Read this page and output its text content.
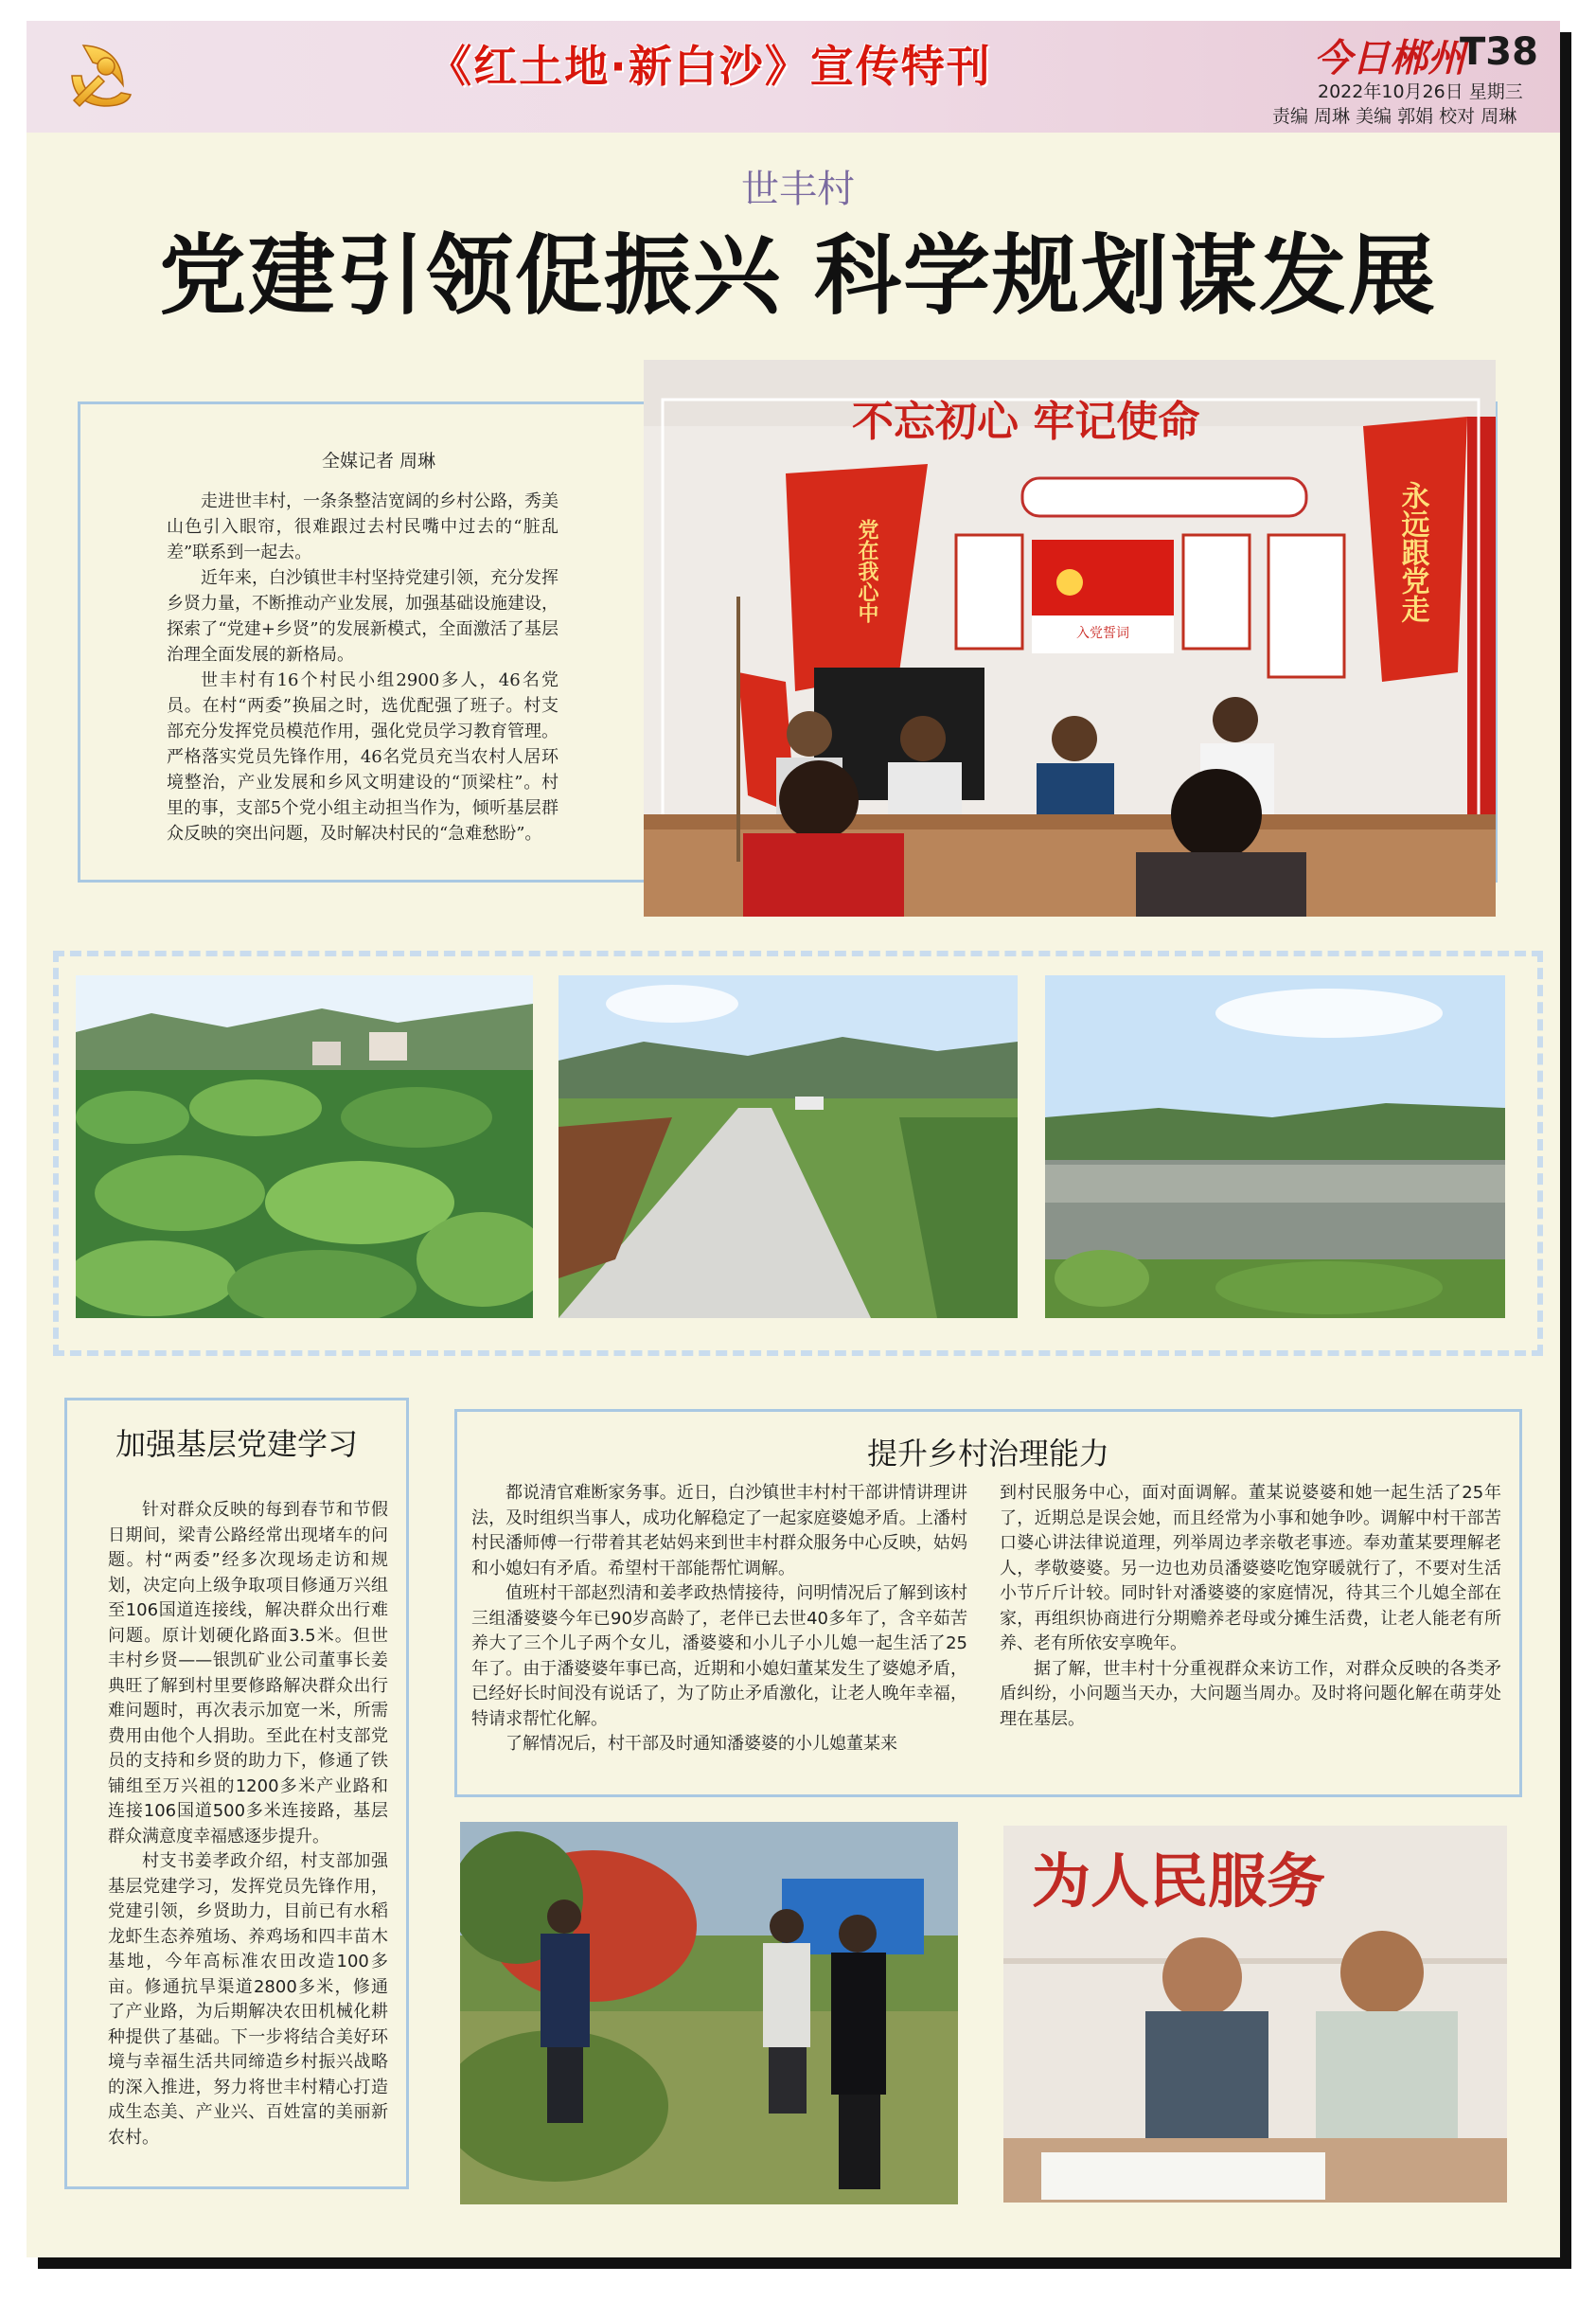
《红土地·新白沙》宣传特刊	今日郴州
T38
2022年10月26日 星期三
责编 周琳 美编 郭娟 校对 周琳
世丰村
党建引领促振兴 科学规划谋发展
全媒记者 周琳

走进世丰村，一条条整洁宽阔的乡村公路，秀美山色引入眼帘，很难跟过去村民嘴中过去的“脏乱差”联系到一起去。

近年来，白沙镇世丰村坚持党建引领，充分发挥乡贤力量，不断推动产业发展，加强基础设施建设，探索了“党建+乡贤”的发展新模式，全面激活了基层治理全面发展的新格局。

世丰村有16个村民小组2900多人，46名党员。在村“两委”换届之时，选优配强了班子。村支部充分发挥党员模范作用，强化党员学习教育管理。严格落实党员先锋作用，46名党员充当农村人居环境整治，产业发展和乡风文明建设的“顶梁柱”。村里的事，支部5个党小组主动担当作为，倾听基层群众反映的突出问题，及时解决村民的“急难愁盼”。

不忘初心 牢记使命
永远跟党走
党在我心中
入党誓词
加强基层党建学习

针对群众反映的每到春节和节假日期间，梁青公路经常出现堵车的问题。村“两委”经多次现场走访和规划，决定向上级争取项目修通万兴组至106国道连接线，解决群众出行难问题。原计划硬化路面3.5米。但世丰村乡贤——银凯矿业公司董事长姜典旺了解到村里要修路解决群众出行难问题时，再次表示加宽一米，所需费用由他个人捐助。至此在村支部党员的支持和乡贤的助力下，修通了铁铺组至万兴祖的1200多米产业路和连接106国道500多米连接路，基层群众满意度幸福感逐步提升。

村支书姜孝政介绍，村支部加强基层党建学习，发挥党员先锋作用，党建引领，乡贤助力，目前已有水稻龙虾生态养殖场、养鸡场和四丰苗木基地，今年高标准农田改造100多亩。修通抗旱渠道2800多米，修通了产业路，为后期解决农田机械化耕种提供了基础。下一步将结合美好环境与幸福生活共同缔造乡村振兴战略的深入推进，努力将世丰村精心打造成生态美、产业兴、百姓富的美丽新农村。

提升乡村治理能力

都说清官难断家务事。近日，白沙镇世丰村村干部讲情讲理讲法，及时组织当事人，成功化解稳定了一起家庭婆媳矛盾。上潘村村民潘师傅一行带着其老姑妈来到世丰村群众服务中心反映，姑妈和小媳妇有矛盾。希望村干部能帮忙调解。

值班村干部赵烈清和姜孝政热情接待，问明情况后了解到该村三组潘婆婆今年已90岁高龄了，老伴已去世40多年了，含辛茹苦养大了三个儿子两个女儿，潘婆婆和小儿子小儿媳一起生活了25年了。由于潘婆婆年事已高，近期和小媳妇董某发生了婆媳矛盾，已经好长时间没有说话了，为了防止矛盾激化，让老人晚年幸福，特请求帮忙化解。

了解情况后，村干部及时通知潘婆婆的小儿媳董某来

到村民服务中心，面对面调解。董某说婆婆和她一起生活了25年了，近期总是误会她，而且经常为小事和她争吵。调解中村干部苦口婆心讲法律说道理，列举周边孝亲敬老事迹。奉劝董某要理解老人，孝敬婆婆。另一边也劝员潘婆婆吃饱穿暖就行了，不要对生活小节斤斤计较。同时针对潘婆婆的家庭情况，待其三个儿媳全部在家，再组织协商进行分期赡养老母或分摊生活费，让老人能老有所养、老有所依安享晚年。

据了解，世丰村十分重视群众来访工作，对群众反映的各类矛盾纠纷，小问题当天办，大问题当周办。及时将问题化解在萌芽处理在基层。

为人民服务
